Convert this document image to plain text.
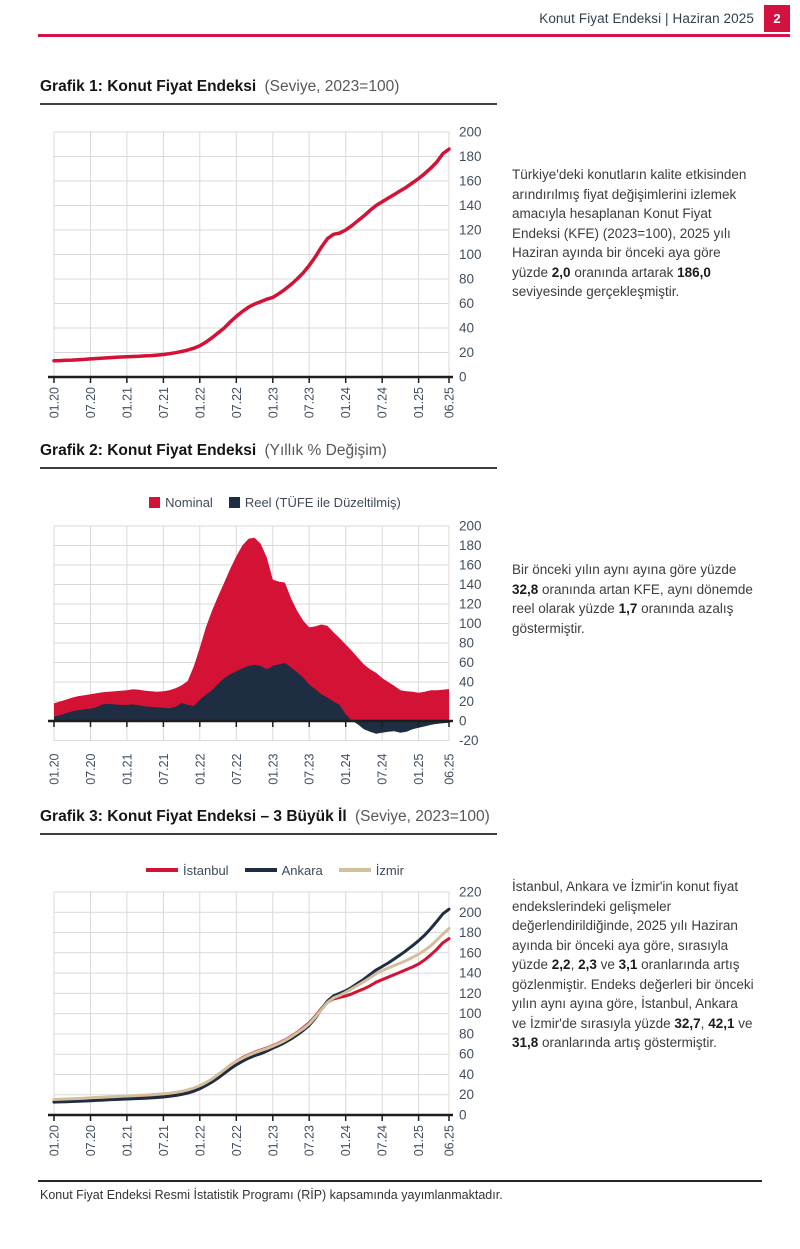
Konut Fiyat Endeksi | Haziran 2025	2
Grafik 1: Konut Fiyat Endeksi (Seviye, 2023=100)
0
20
40
60
80
100
120
140
160
180
200
01.20 07.20 01.21 07.21 01.22 07.22 01.23 07.23 01.24 07.24 01.25 06.25
Türkiye'deki konutların kalite etkisinden arındırılmış fiyat değişimlerini izlemek amacıyla hesaplanan Konut Fiyat Endeksi (KFE) (2023=100), 2025 yılı Haziran ayında bir önceki aya göre yüzde 2,0 oranında artarak 186,0 seviyesinde gerçekleşmiştir.
Grafik 2: Konut Fiyat Endeksi (Yıllık % Değişim)
Nominal Reel (TÜFE ile Düzeltilmiş)
-20
0
20
40
60
80
100
120
140
160
180
200
01.20 07.20 01.21 07.21 01.22 07.22 01.23 07.23 01.24 07.24 01.25 06.25
Bir önceki yılın aynı ayına göre yüzde 32,8 oranında artan KFE, aynı dönemde reel olarak yüzde 1,7 oranında azalış göstermiştir.
Grafik 3: Konut Fiyat Endeksi – 3 Büyük İl (Seviye, 2023=100)
İstanbul	Ankara	İzmir
0
20
40
60
80
100
120
140
160
180
200
220
01.20 07.20 01.21 07.21 01.22 07.22 01.23 07.23 01.24 07.24 01.25 06.25
İstanbul, Ankara ve İzmir'in konut fiyat endekslerindeki gelişmeler değerlendirildiğinde, 2025 yılı Haziran ayında bir önceki aya göre, sırasıyla yüzde 2,2, 2,3 ve 3,1 oranlarında artış gözlenmiştir. Endeks değerleri bir önceki yılın aynı ayına göre, İstanbul, Ankara ve İzmir'de sırasıyla yüzde 32,7, 42,1 ve 31,8 oranlarında artış göstermiştir.

Konut Fiyat Endeksi Resmi İstatistik Programı (RİP) kapsamında yayımlanmaktadır.
